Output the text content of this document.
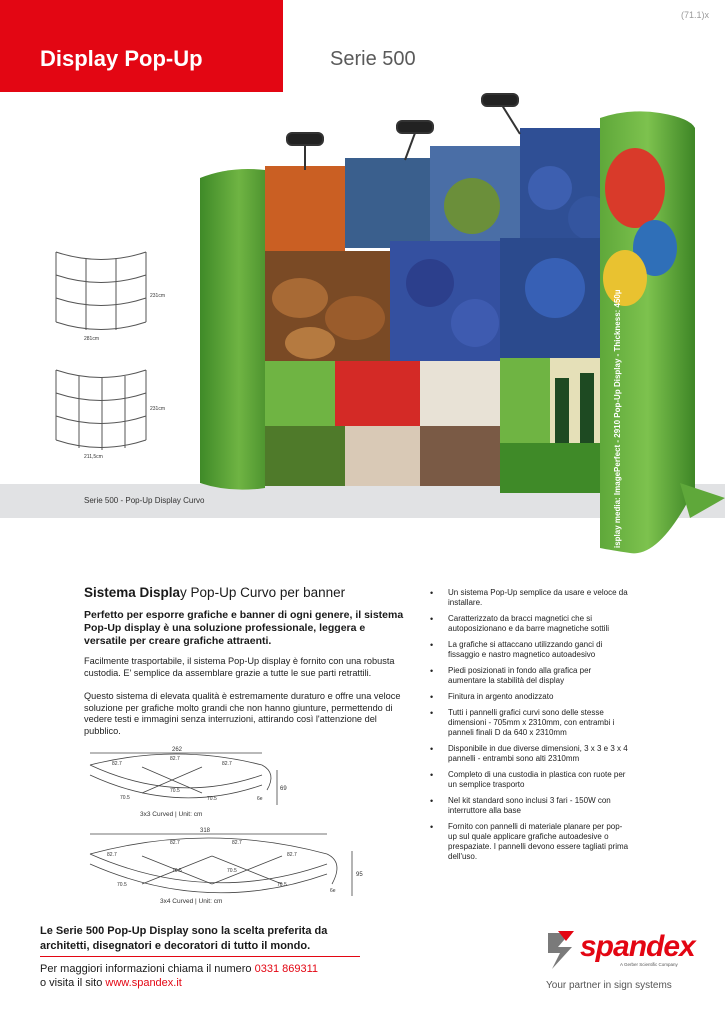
(71.1)x
Display Pop-Up	Serie 500
Serie 500 - Pop-Up Display Curvo	isplay media: ImagePerfect - 2910 Pop-Up Display - Thickness: 450µ
281cm
231cm
211,5cm
231cm
Sistema Display Pop-Up Curvo per banner

Perfetto per esporre grafiche e banner di ogni genere, il sistema Pop-Up display è una soluzione professionale, leggera e versatile per creare grafiche attraenti.

Facilmente trasportabile, il sistema Pop-Up display è fornito con una robusta custodia. E' semplice da assemblare grazie a tutte le sue parti retrattili.

Questo sistema di elevata qualità è estremamente duraturo e offre una veloce soluzione per grafiche molto grandi che non hanno giunture, permettendo di vedere testi e immagini senza interruzioni, attirando così l'attenzione del pubblico.

• Un sistema Pop-Up semplice da usare e veloce da installare.
• Caratterizzato da bracci magnetici che si autoposizionano e da barre magnetiche sottili
• La grafiche si attaccano utilizzando ganci di fissaggio e nastro magnetico autoadesivo
• Piedi posizionati in fondo alla grafica per aumentare la stabilità del display
• Finitura in argento anodizzato
• Tutti i pannelli grafici curvi sono delle stesse dimensioni - 705mm x 2310mm, con entrambi i panneli finali D da 640 x 2310mm
• Disponibile in due diverse dimensioni, 3 x 3 e 3 x 4 pannelli - entrambi sono alti 2310mm
• Completo di una custodia in plastica con ruote per un semplice trasporto
• Nel kit standard sono inclusi 3 fari - 150W con interruttore alla base
• Fornito con pannelli di materiale planare per pop-up sul quale applicare grafiche autoadesive o prespaziate. I pannelli devono essere tagliati prima dell'uso.
262
82.7
82.7
82.7
70.5
70.5
70.5
69
6e
3x3 Curved | Unit: cm
318
82.7
82.7	82.7
82.7
70.5
70.5	70.5
70.5
95
6e
3x4 Curved | Unit: cm

Le Serie 500 Pop-Up Display sono la scelta preferita da architetti, disegnatori e decoratori di tutto il mondo.

Per maggiori informazioni chiama il numero 0331 869311
o visita il sito www.spandex.it
spandex
A Gerber Scientific Company
Your partner in sign systems
